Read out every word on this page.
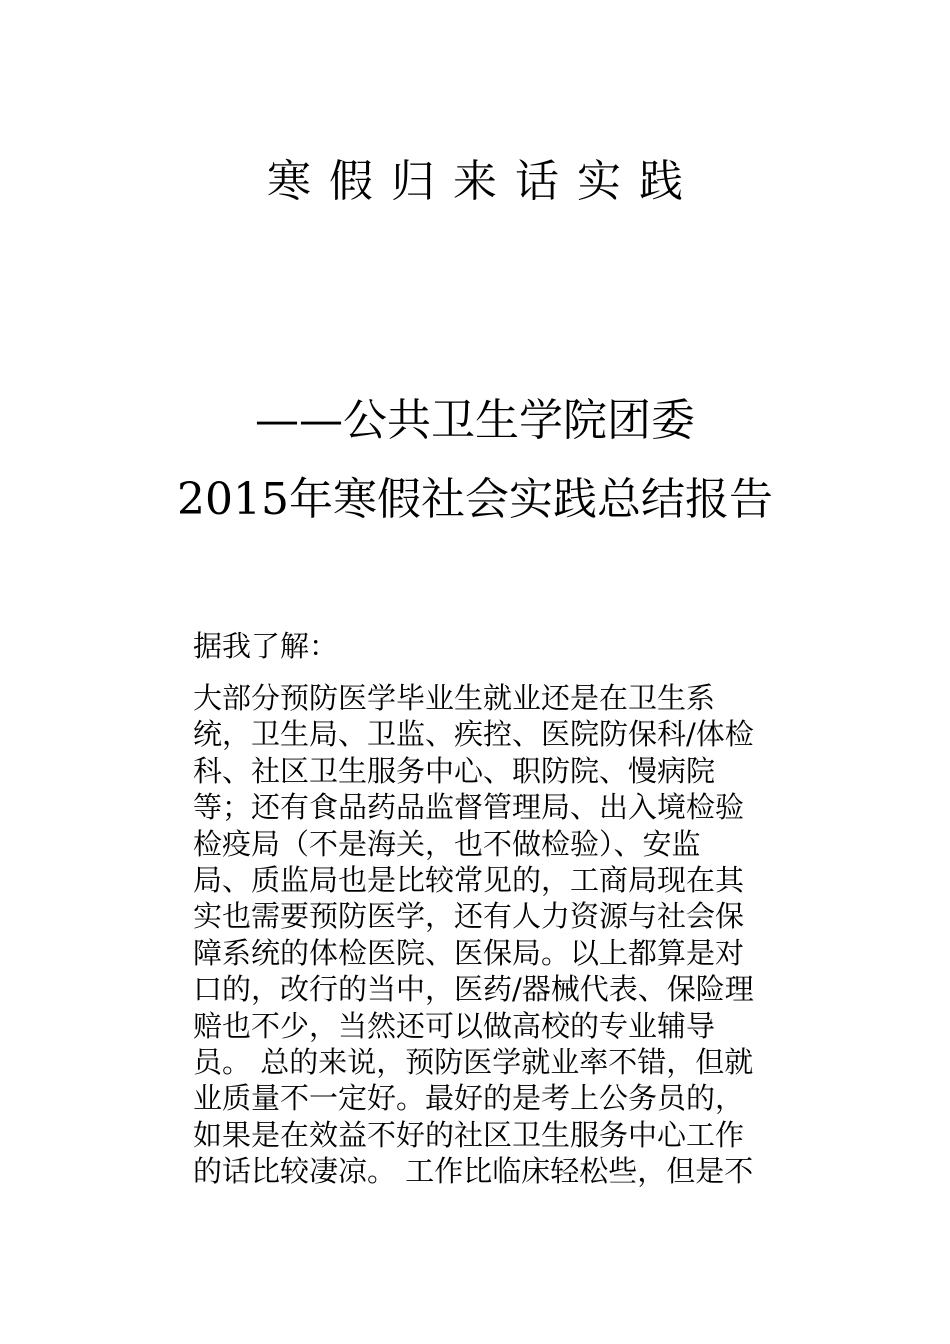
寒假归来话实践
——公共卫生学院团委
2015年寒假社会实践总结报告
据我了解：
大部分预防医学毕业生就业还是在卫生系
统，卫生局、卫监、疾控、医院防保科/体检
科、社区卫生服务中心、职防院、慢病院
等；还有食品药品监督管理局、出入境检验
检疫局（不是海关，也不做检验）、安监
局、质监局也是比较常见的，工商局现在其
实也需要预防医学，还有人力资源与社会保
障系统的体检医院、医保局。以上都算是对
口的，改行的当中，医药/器械代表、保险理
赔也不少，当然还可以做高校的专业辅导
员。 总的来说，预防医学就业率不错，但就
业质量不一定好。最好的是考上公务员的，
如果是在效益不好的社区卫生服务中心工作
的话比较凄凉。 工作比临床轻松些，但是不
